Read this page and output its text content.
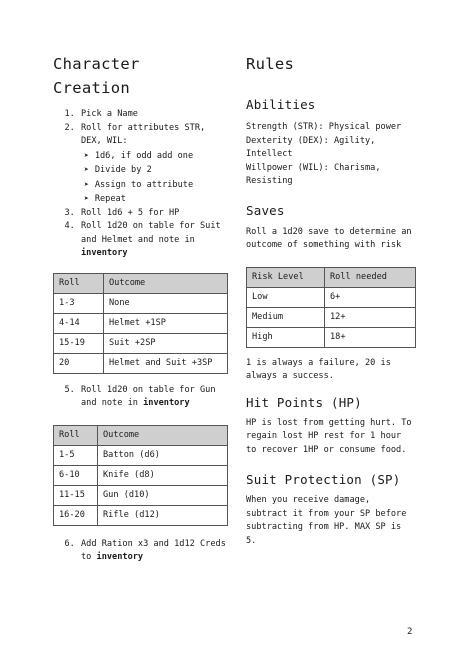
Character
Creation
1. Pick a Name
2. Roll for attributes STR, DEX, WIL:
➤ 1d6, if odd add one
➤ Divide by 2
➤ Assign to attribute
➤ Repeat
3. Roll 1d6 + 5 for HP
4. Roll 1d20 on table for Suit and Helmet and note in inventory
Roll	Outcome
1-3	None
4-14	Helmet +1SP
15-19	Suit +2SP
20	Helmet and Suit +3SP
5. Roll 1d20 on table for Gun and note in inventory
Roll	Outcome
1-5	Batton (d6)
6-10	Knife (d8)
11-15	Gun (d10)
16-20	Rifle (d12)
6. Add Ration x3 and 1d12 Creds to inventory
Rules
Abilities

Strength (STR): Physical power
Dexterity (DEX): Agility, Intellect
Willpower (WIL): Charisma, Resisting

Saves

Roll a 1d20 save to determine an outcome of something with risk

Risk Level	Roll needed
Low	6+
Medium	12+
High	18+

1 is always a failure, 20 is always a success.

Hit Points (HP)

HP is lost from getting hurt. To regain lost HP rest for 1 hour to recover 1HP or consume food.

Suit Protection (SP)

When you receive damage, subtract it from your SP before subtracting from HP. MAX SP is 5.

2
